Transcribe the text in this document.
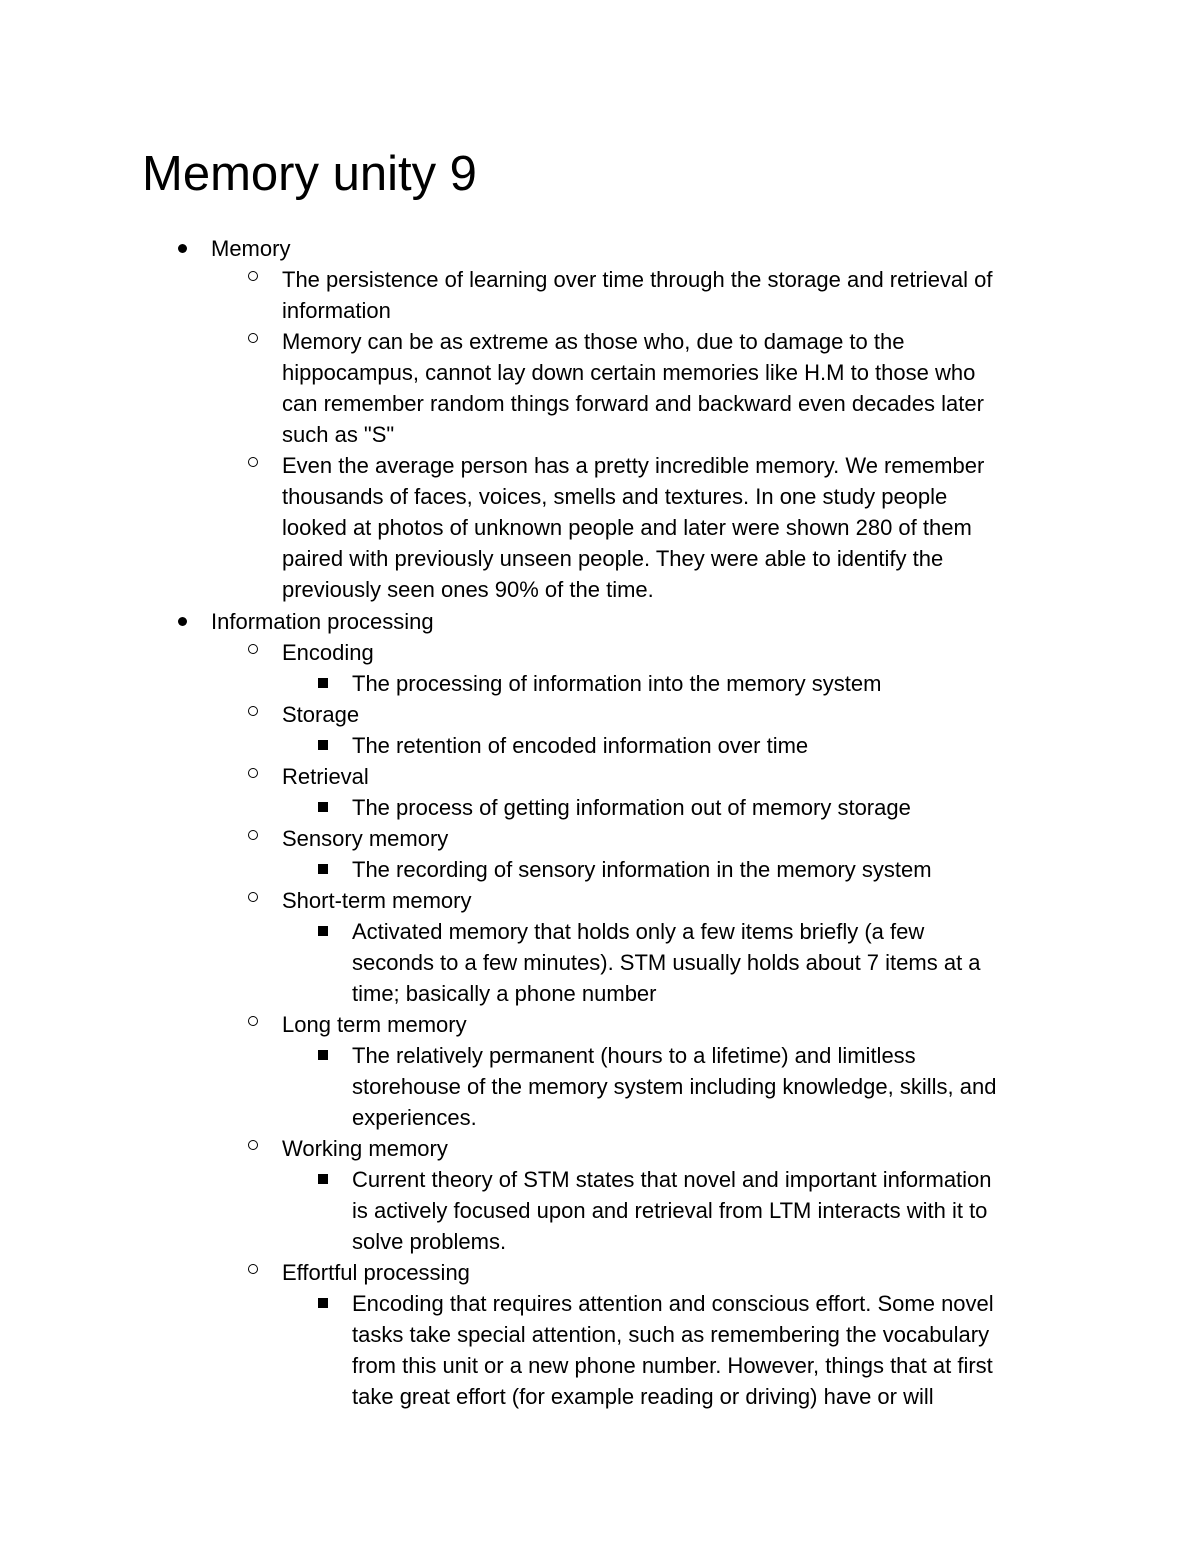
Memory unity 9
Memory
The persistence of learning over time through the storage and retrieval of
information
Memory can be as extreme as those who, due to damage to the
hippocampus, cannot lay down certain memories like H.M to those who
can remember random things forward and backward even decades later
such as "S"
Even the average person has a pretty incredible memory. We remember
thousands of faces, voices, smells and textures. In one study people
looked at photos of unknown people and later were shown 280 of them
paired with previously unseen people. They were able to identify the
previously seen ones 90% of the time.
Information processing
Encoding
The processing of information into the memory system
Storage
The retention of encoded information over time
Retrieval
The process of getting information out of memory storage
Sensory memory
The recording of sensory information in the memory system
Short-term memory
Activated memory that holds only a few items briefly (a few
seconds to a few minutes). STM usually holds about 7 items at a
time; basically a phone number
Long term memory
The relatively permanent (hours to a lifetime) and limitless
storehouse of the memory system including knowledge, skills, and
experiences.
Working memory
Current theory of STM states that novel and important information
is actively focused upon and retrieval from LTM interacts with it to
solve problems.
Effortful processing
Encoding that requires attention and conscious effort. Some novel
tasks take special attention, such as remembering the vocabulary
from this unit or a new phone number. However, things that at first
take great effort (for example reading or driving) have or will
